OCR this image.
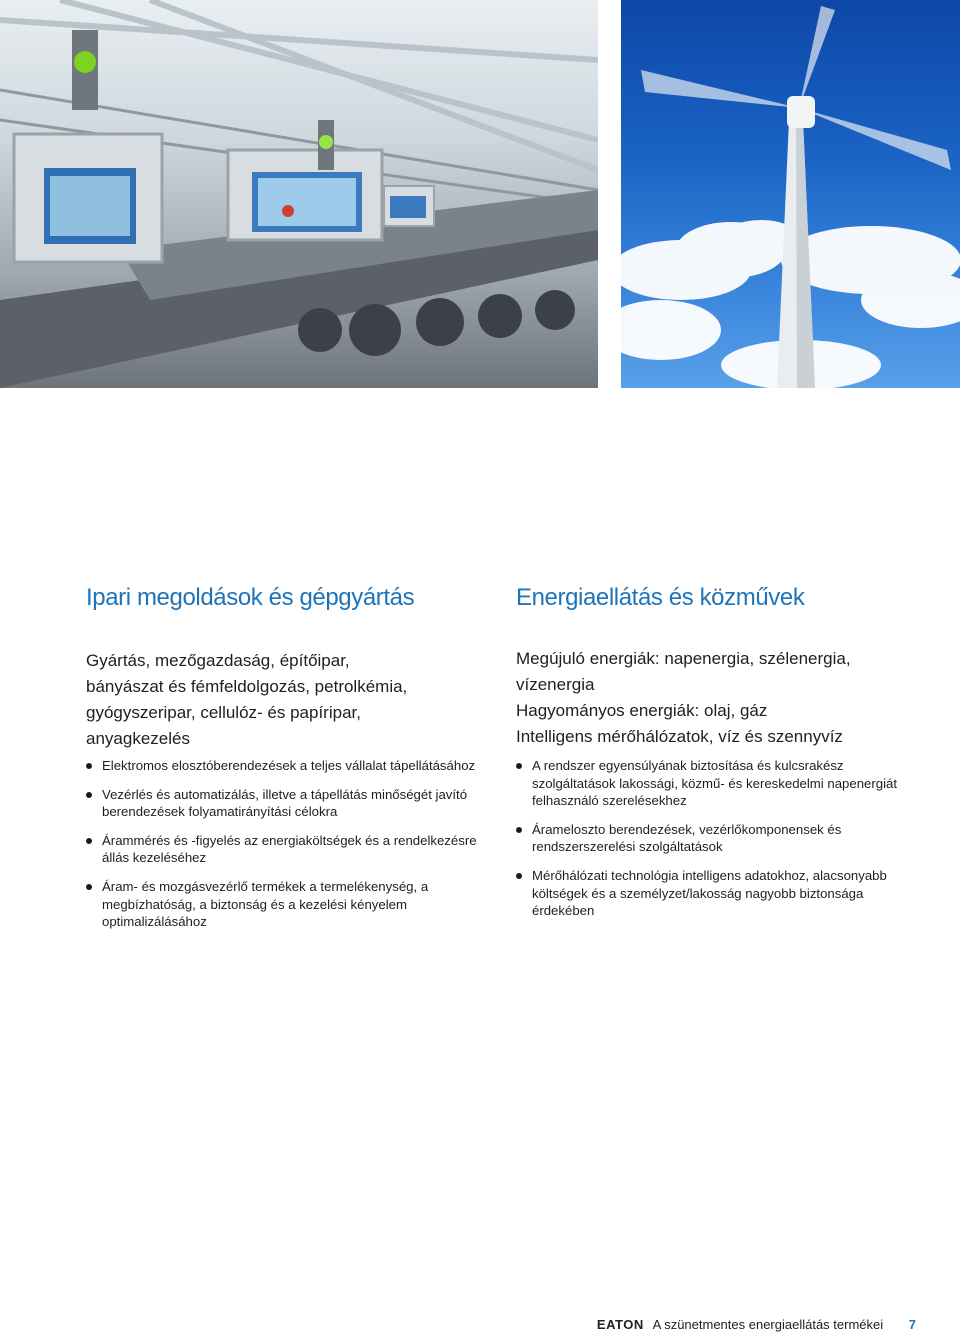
Ipari megoldások és gépgyártás
Gyártás, mezőgazdaság, építőipar,
bányászat és fémfeldolgozás, petrolkémia,
gyógyszeripar, cellulóz- és papíripar,
anyagkezelés
Elektromos elosztóberendezések a teljes vállalat tápellátásához
Vezérlés és automatizálás, illetve a tápellátás minőségét javító berendezések folyamatirányítási célokra
Árammérés és -figyelés az energiaköltségek és a rendelkezésre állás kezeléséhez
Áram- és mozgásvezérlő termékek a termelékenység, a megbízhatóság, a biztonság és a kezelési kényelem optimalizálásához
Energiaellátás és közművek
Megújuló energiák: napenergia, szélenergia,
vízenergia
Hagyományos energiák: olaj, gáz
Intelligens mérőhálózatok, víz és szennyvíz
A rendszer egyensúlyának biztosítása és kulcsrakész szolgáltatások lakossági, közmű- és kereskedelmi napenergiát felhasználó szerelésekhez
Árameloszto berendezések, vezérlőkomponensek és rendszerszerelési szolgáltatások
Mérőhálózati technológia intelligens adatokhoz, alacsonyabb költségek és a személyzet/lakosság nagyobb biztonsága érdekében
EATON A szünetmentes energiaellátás termékei 7
